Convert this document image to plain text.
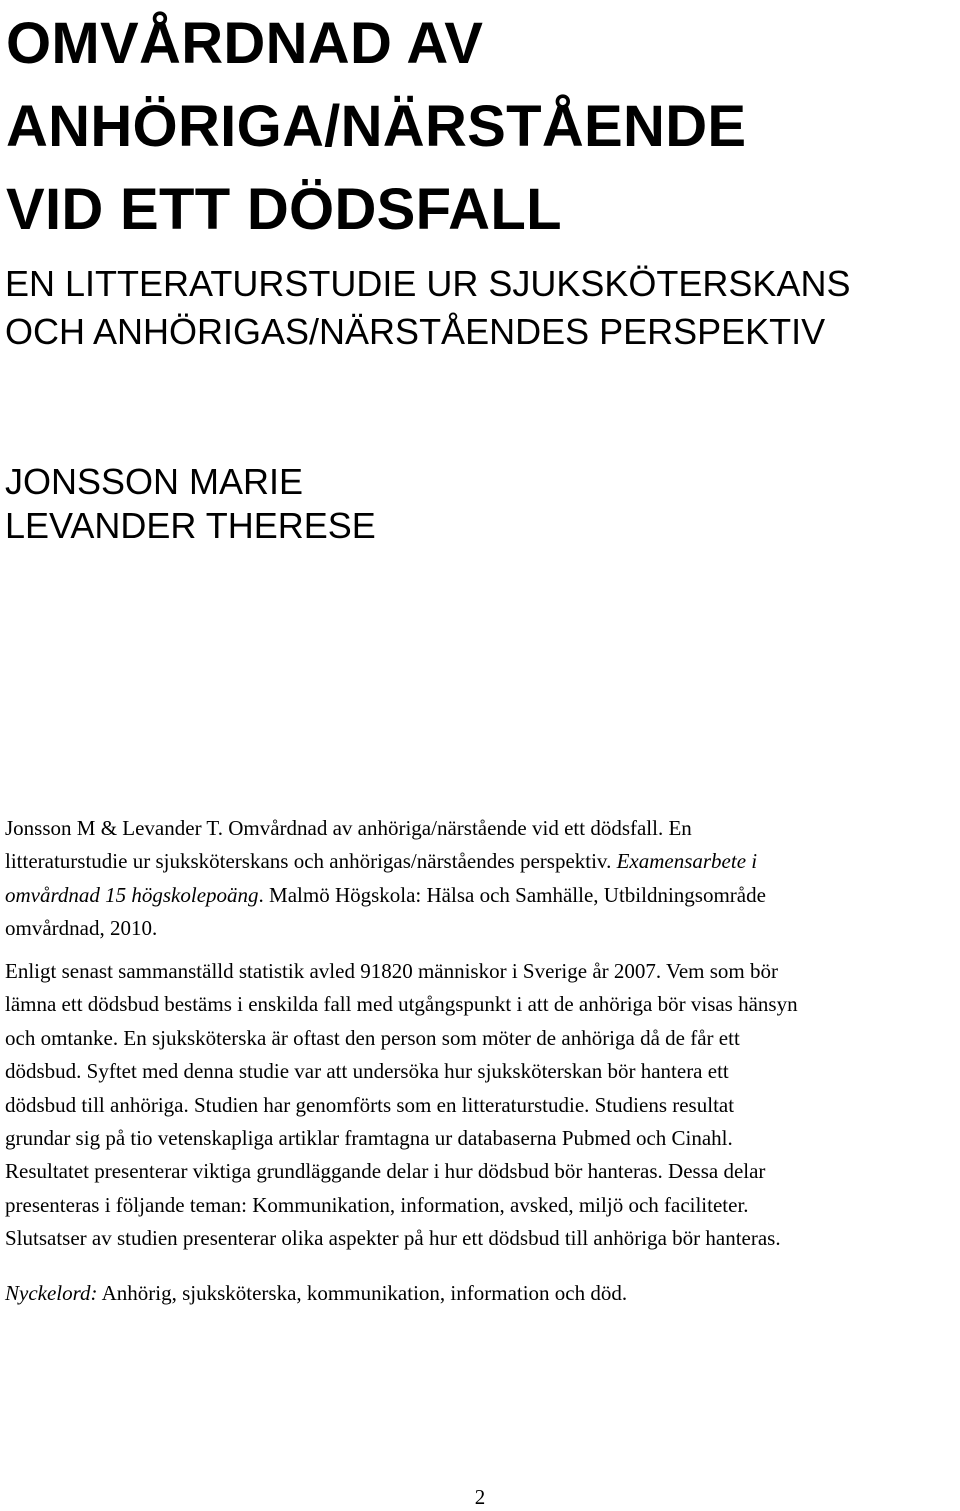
OMVÅRDNAD AV
ANHÖRIGA/NÄRSTÅENDE
VID ETT DÖDSFALL
EN LITTERATURSTUDIE UR SJUKSKÖTERSKANS
OCH ANHÖRIGAS/NÄRSTÅENDES PERSPEKTIV
JONSSON MARIE
LEVANDER THERESE

Jonsson M & Levander T. Omvårdnad av anhöriga/närstående vid ett dödsfall. En
litteraturstudie ur sjuksköterskans och anhörigas/närståendes perspektiv. Examensarbete i
omvårdnad 15 högskolepoäng. Malmö Högskola: Hälsa och Samhälle, Utbildningsområde
omvårdnad, 2010.

Enligt senast sammanställd statistik avled 91820 människor i Sverige år 2007. Vem som bör
lämna ett dödsbud bestäms i enskilda fall med utgångspunkt i att de anhöriga bör visas hänsyn
och omtanke. En sjuksköterska är oftast den person som möter de anhöriga då de får ett
dödsbud. Syftet med denna studie var att undersöka hur sjuksköterskan bör hantera ett
dödsbud till anhöriga. Studien har genomförts som en litteraturstudie. Studiens resultat
grundar sig på tio vetenskapliga artiklar framtagna ur databaserna Pubmed och Cinahl.
Resultatet presenterar viktiga grundläggande delar i hur dödsbud bör hanteras. Dessa delar
presenteras i följande teman: Kommunikation, information, avsked, miljö och faciliteter.
Slutsatser av studien presenterar olika aspekter på hur ett dödsbud till anhöriga bör hanteras.

Nyckelord: Anhörig, sjuksköterska, kommunikation, information och död.

2
